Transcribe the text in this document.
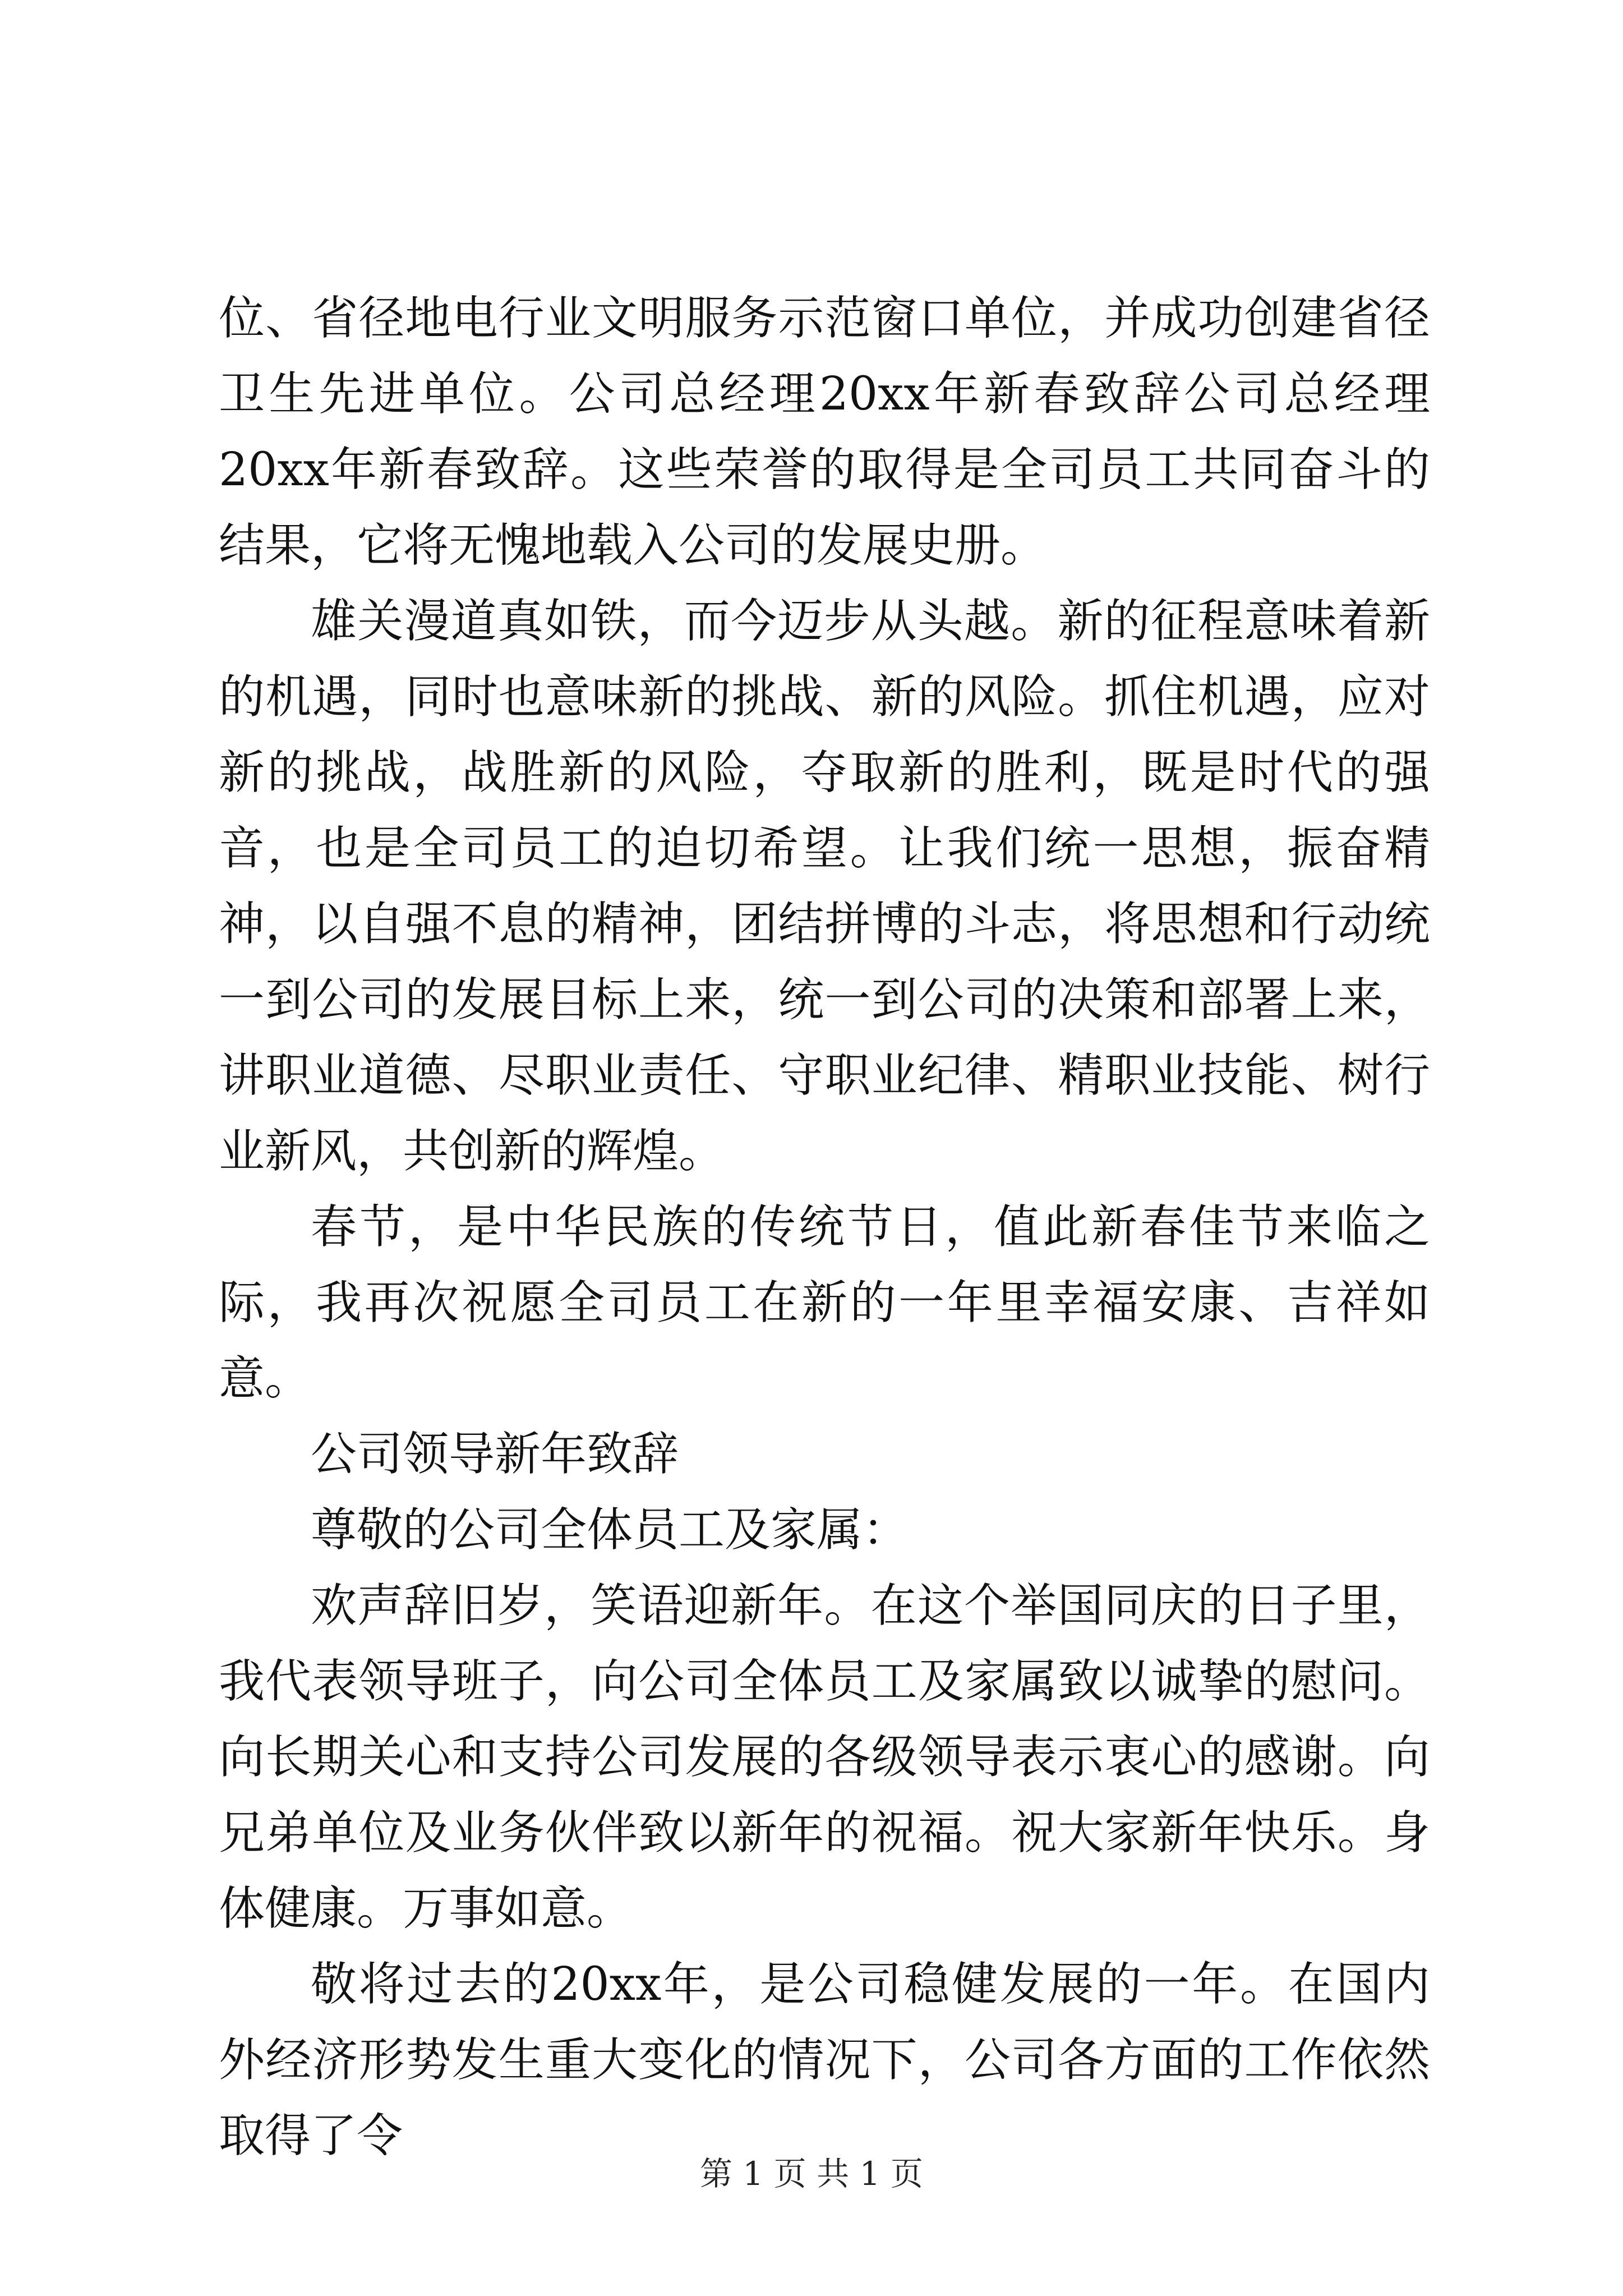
位、省径地电行业文明服务示范窗口单位，并成功创建省径卫生先进单位。公司总经理20xx年新春致辞公司总经理20xx年新春致辞。这些荣誉的取得是全司员工共同奋斗的结果，它将无愧地载入公司的发展史册。

雄关漫道真如铁，而今迈步从头越。新的征程意味着新的机遇，同时也意味新的挑战、新的风险。抓住机遇，应对新的挑战，战胜新的风险，夺取新的胜利，既是时代的强音，也是全司员工的迫切希望。让我们统一思想，振奋精神，以自强不息的精神，团结拼博的斗志，将思想和行动统一到公司的发展目标上来，统一到公司的决策和部署上来，讲职业道德、尽职业责任、守职业纪律、精职业技能、树行业新风，共创新的辉煌。

春节，是中华民族的传统节日，值此新春佳节来临之际，我再次祝愿全司员工在新的一年里幸福安康、吉祥如意。

公司领导新年致辞

尊敬的公司全体员工及家属：

欢声辞旧岁，笑语迎新年。在这个举国同庆的日子里，我代表领导班子，向公司全体员工及家属致以诚挚的慰问。向长期关心和支持公司发展的各级领导表示衷心的感谢。向兄弟单位及业务伙伴致以新年的祝福。祝大家新年快乐。身体健康。万事如意。

敬将过去的20xx年，是公司稳健发展的一年。在国内外经济形势发生重大变化的情况下，公司各方面的工作依然取得了令

第 1 页 共 1 页
